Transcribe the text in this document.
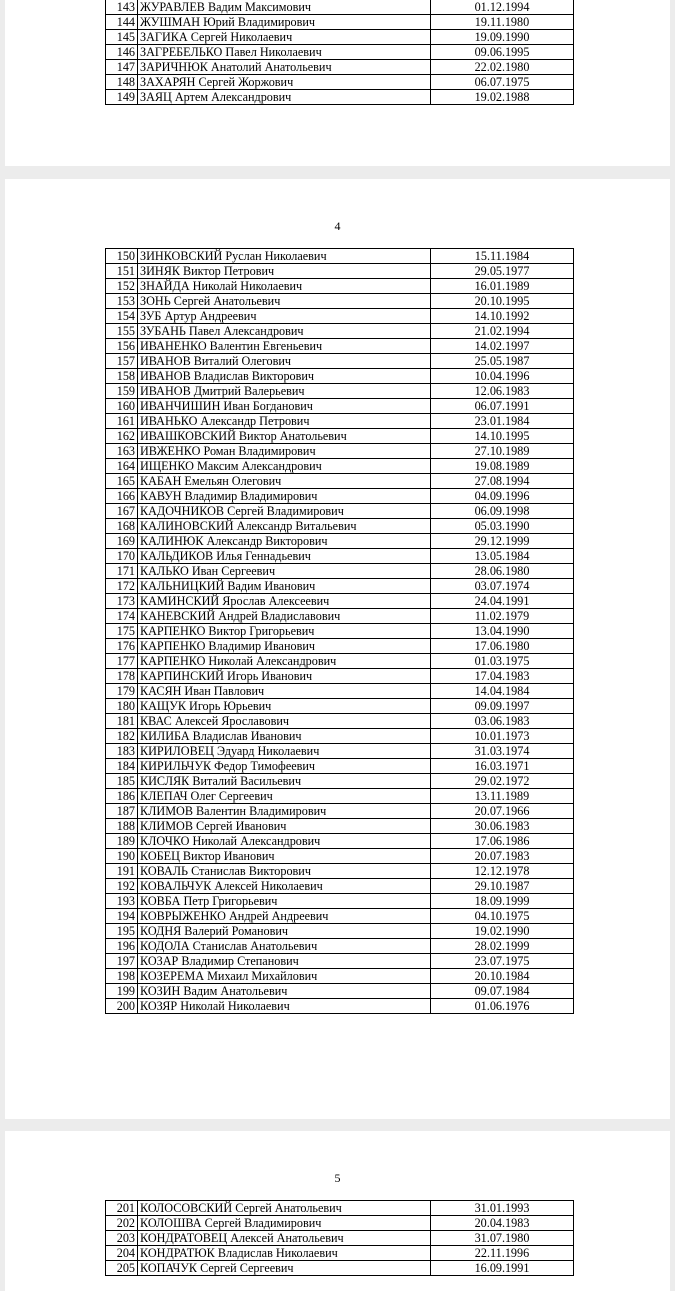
143	ЖУРАВЛЕВ Вадим Максимович	01.12.1994
144	ЖУШМАН Юрий Владимирович	19.11.1980
145	ЗАГИКА Сергей Николаевич	19.09.1990
146	ЗАГРЕБЕЛЬКО Павел Николаевич	09.06.1995
147	ЗАРИЧНЮК Анатолий Анатольевич	22.02.1980
148	ЗАХАРЯН Сергей Жоржович	06.07.1975
149	ЗАЯЦ Артем Александрович	19.02.1988
4
150	ЗИНКОВСКИЙ Руслан Николаевич	15.11.1984
151	ЗИНЯК Виктор Петрович	29.05.1977
152	ЗНАЙДА Николай Николаевич	16.01.1989
153	ЗОНЬ Сергей Анатольевич	20.10.1995
154	ЗУБ Артур Андреевич	14.10.1992
155	ЗУБАНЬ Павел Александрович	21.02.1994
156	ИВАНЕНКО Валентин Евгеньевич	14.02.1997
157	ИВАНОВ Виталий Олегович	25.05.1987
158	ИВАНОВ Владислав Викторович	10.04.1996
159	ИВАНОВ Дмитрий Валерьевич	12.06.1983
160	ИВАНЧИШИН Иван Богданович	06.07.1991
161	ИВАНЬКО Александр Петрович	23.01.1984
162	ИВАШКОВСКИЙ Виктор Анатольевич	14.10.1995
163	ИВЖЕНКО Роман Владимирович	27.10.1989
164	ИЩЕНКО Максим Александрович	19.08.1989
165	КАБАН Емельян Олегович	27.08.1994
166	КАВУН Владимир Владимирович	04.09.1996
167	КАДОЧНИКОВ Сергей Владимирович	06.09.1998
168	КАЛИНОВСКИЙ Александр Витальевич	05.03.1990
169	КАЛИНЮК Александр Викторович	29.12.1999
170	КАЛЬДИКОВ Илья Геннадьевич	13.05.1984
171	КАЛЬКО Иван Сергеевич	28.06.1980
172	КАЛЬНИЦКИЙ Вадим Иванович	03.07.1974
173	КАМИНСКИЙ Ярослав Алексеевич	24.04.1991
174	КАНЕВСКИЙ Андрей Владиславович	11.02.1979
175	КАРПЕНКО Виктор Григорьевич	13.04.1990
176	КАРПЕНКО Владимир Иванович	17.06.1980
177	КАРПЕНКО Николай Александрович	01.03.1975
178	КАРПИНСКИЙ Игорь Иванович	17.04.1983
179	КАСЯН Иван Павлович	14.04.1984
180	КАЩУК Игорь Юрьевич	09.09.1997
181	КВАС Алексей Ярославович	03.06.1983
182	КИЛИБА Владислав Иванович	10.01.1973
183	КИРИЛОВЕЦ Эдуард Николаевич	31.03.1974
184	КИРИЛЬЧУК Федор Тимофеевич	16.03.1971
185	КИСЛЯК Виталий Васильевич	29.02.1972
186	КЛЕПАЧ Олег Сергеевич	13.11.1989
187	КЛИМОВ Валентин Владимирович	20.07.1966
188	КЛИМОВ Сергей Иванович	30.06.1983
189	КЛОЧКО Николай Александрович	17.06.1986
190	КОБЕЦ Виктор Иванович	20.07.1983
191	КОВАЛЬ Станислав Викторович	12.12.1978
192	КОВАЛЬЧУК Алексей Николаевич	29.10.1987
193	КОВБА Петр Григорьевич	18.09.1999
194	КОВРЫЖЕНКО Андрей Андреевич	04.10.1975
195	КОДНЯ Валерий Романович	19.02.1990
196	КОДОЛА Станислав Анатольевич	28.02.1999
197	КОЗАР Владимир Степанович	23.07.1975
198	КОЗЕРЕМА Михаил Михайлович	20.10.1984
199	КОЗИН Вадим Анатольевич	09.07.1984
200	КОЗЯР Николай Николаевич	01.06.1976
5
201	КОЛОСОВСКИЙ Сергей Анатольевич	31.01.1993
202	КОЛОШВА Сергей Владимирович	20.04.1983
203	КОНДРАТОВЕЦ Алексей Анатольевич	31.07.1980
204	КОНДРАТЮК Владислав Николаевич	22.11.1996
205	КОПАЧУК Сергей Сергеевич	16.09.1991
